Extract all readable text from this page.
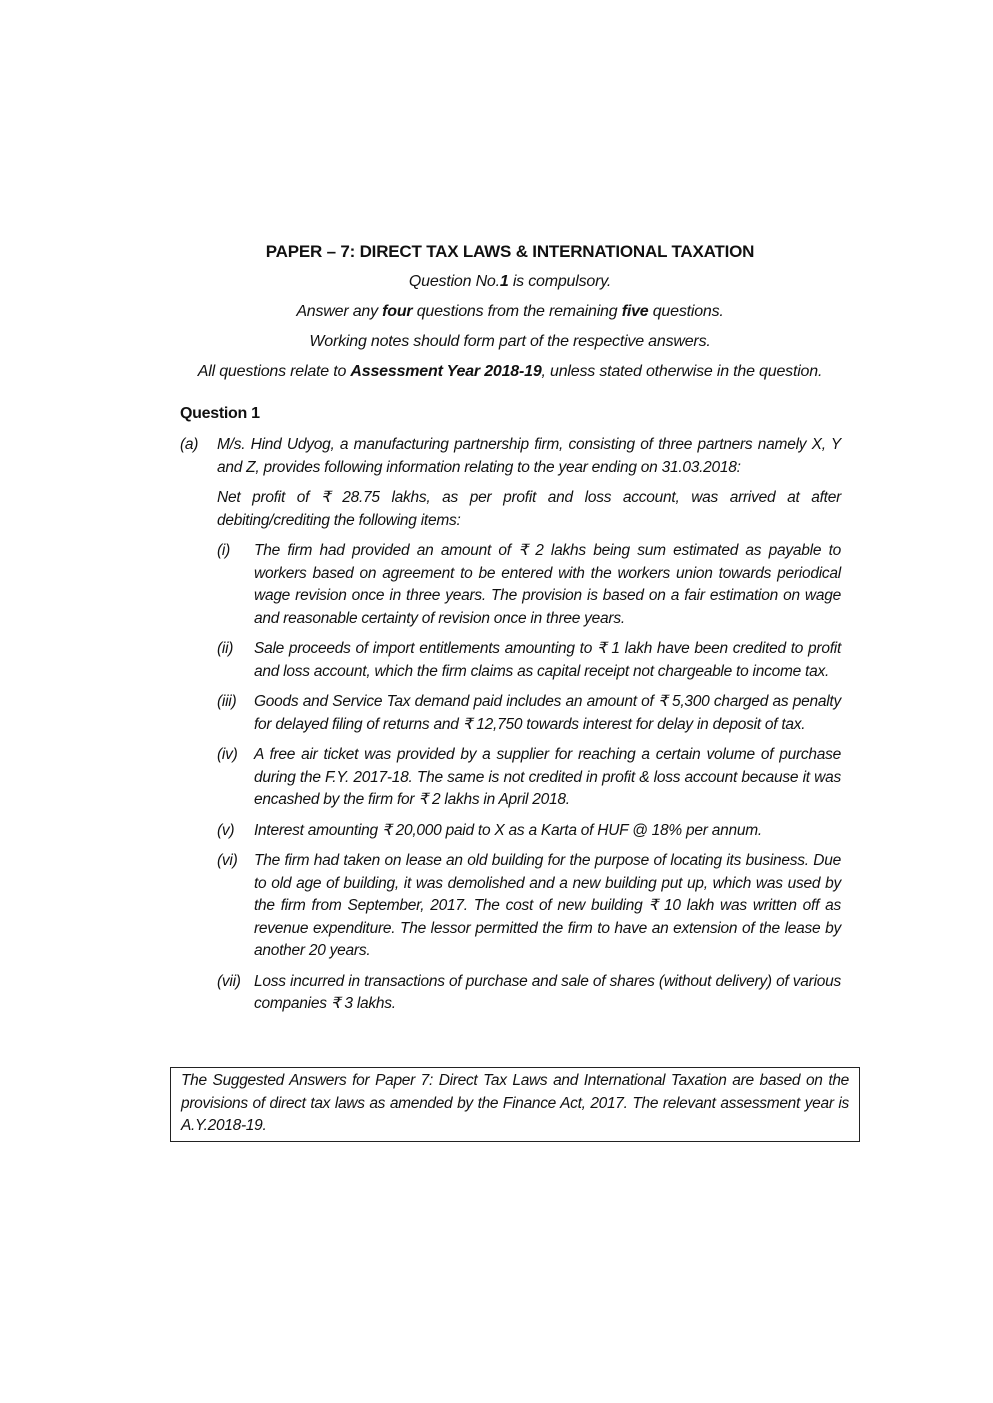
PAPER – 7: DIRECT TAX LAWS & INTERNATIONAL TAXATION
Question No.1 is compulsory.
Answer any four questions from the remaining five questions.
Working notes should form part of the respective answers.
All questions relate to Assessment Year 2018-19, unless stated otherwise in the question.
Question 1
(a)	M/s. Hind Udyog, a manufacturing partnership firm, consisting of three partners namely X, Y and Z, provides following information relating to the year ending on 31.03.2018:

Net profit of ₹ 28.75 lakhs, as per profit and loss account, was arrived at after debiting/crediting the following items:

(i)	The firm had provided an amount of ₹ 2 lakhs being sum estimated as payable to workers based on agreement to be entered with the workers union towards periodical wage revision once in three years. The provision is based on a fair estimation on wage and reasonable certainty of revision once in three years.
(ii)	Sale proceeds of import entitlements amounting to ₹ 1 lakh have been credited to profit and loss account, which the firm claims as capital receipt not chargeable to income tax.
(iii)	Goods and Service Tax demand paid includes an amount of ₹ 5,300 charged as penalty for delayed filing of returns and ₹ 12,750 towards interest for delay in deposit of tax.
(iv)	A free air ticket was provided by a supplier for reaching a certain volume of purchase during the F.Y. 2017-18. The same is not credited in profit & loss account because it was encashed by the firm for ₹ 2 lakhs in April 2018.
(v)	Interest amounting ₹ 20,000 paid to X as a Karta of HUF @ 18% per annum.
(vi)	The firm had taken on lease an old building for the purpose of locating its business. Due to old age of building, it was demolished and a new building put up, which was used by the firm from September, 2017. The cost of new building ₹ 10 lakh was written off as revenue expenditure. The lessor permitted the firm to have an extension of the lease by another 20 years.
(vii) Loss incurred in transactions of purchase and sale of shares (without delivery) of various companies ₹ 3 lakhs.
The Suggested Answers for Paper 7: Direct Tax Laws and International Taxation are based on the provisions of direct tax laws as amended by the Finance Act, 2017. The relevant assessment year is A.Y.2018-19.
